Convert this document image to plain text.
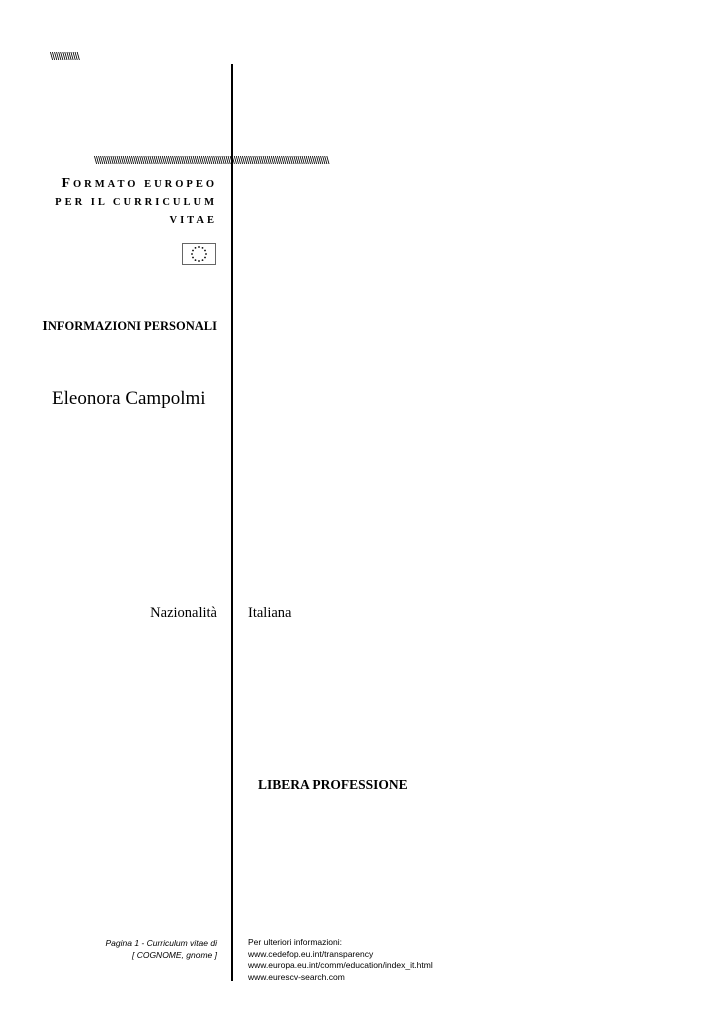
\\\\\\\\\\\\\\
\\\\\\\\\\\\\\\\\\\\\\\\\\\\\\\\\\\\\\\\\\\\\\\\\\\\\\\\\\\\\\\\\\\\\\\\\\\\\\\\\\\\\\\\\\\\\\\\\\\\\\\\\\\\\\\\\\
FORMATO EUROPEO
PER IL CURRICULUM
VITAE
INFORMAZIONI PERSONALI
Eleonora Campolmi
Nazionalità Italiana
LIBERA PROFESSIONE
Pagina 1 - Curriculum vitae di
[ COGNOME, gnome ]
Per ulteriori informazioni:
www.cedefop.eu.int/transparency
www.europa.eu.int/comm/education/index_it.html
www.eurescv-search.com
